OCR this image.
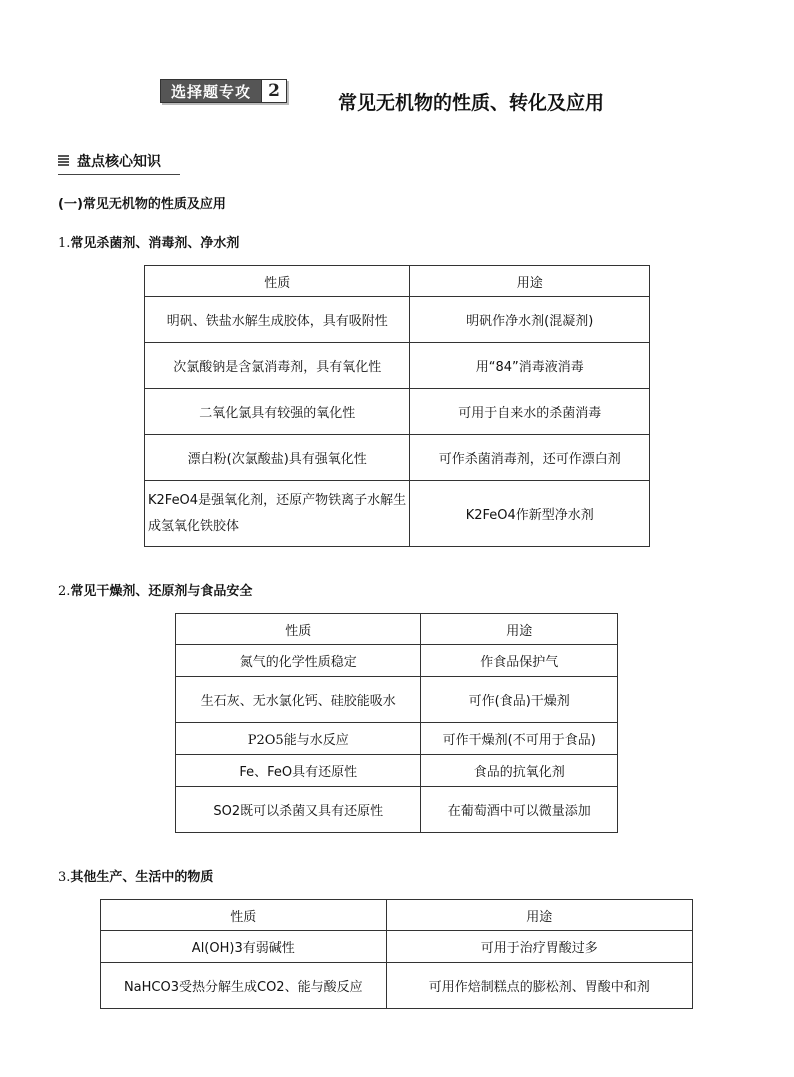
选择题专攻	2
常见无机物的性质、转化及应用
盘点核心知识
(一)常见无机物的性质及应用
1.常见杀菌剂、消毒剂、净水剂
性质	用途
明矾、铁盐水解生成胶体，具有吸附性	明矾作净水剂(混凝剂)
次氯酸钠是含氯消毒剂，具有氧化性	用“84”消毒液消毒
二氧化氯具有较强的氧化性	可用于自来水的杀菌消毒
漂白粉(次氯酸盐)具有强氧化性	可作杀菌消毒剂，还可作漂白剂
K2FeO4是强氧化剂，还原产物铁离子水解生成氢氧化铁胶体	K2FeO4作新型净水剂
2.常见干燥剂、还原剂与食品安全
性质	用途
氮气的化学性质稳定	作食品保护气
生石灰、无水氯化钙、硅胶能吸水	可作(食品)干燥剂
P2O5能与水反应	可作干燥剂(不可用于食品)
Fe、FeO具有还原性	食品的抗氧化剂
SO2既可以杀菌又具有还原性	在葡萄酒中可以微量添加
3.其他生产、生活中的物质
性质	用途
Al(OH)3有弱碱性	可用于治疗胃酸过多
NaHCO3受热分解生成CO2、能与酸反应	可用作焙制糕点的膨松剂、胃酸中和剂
